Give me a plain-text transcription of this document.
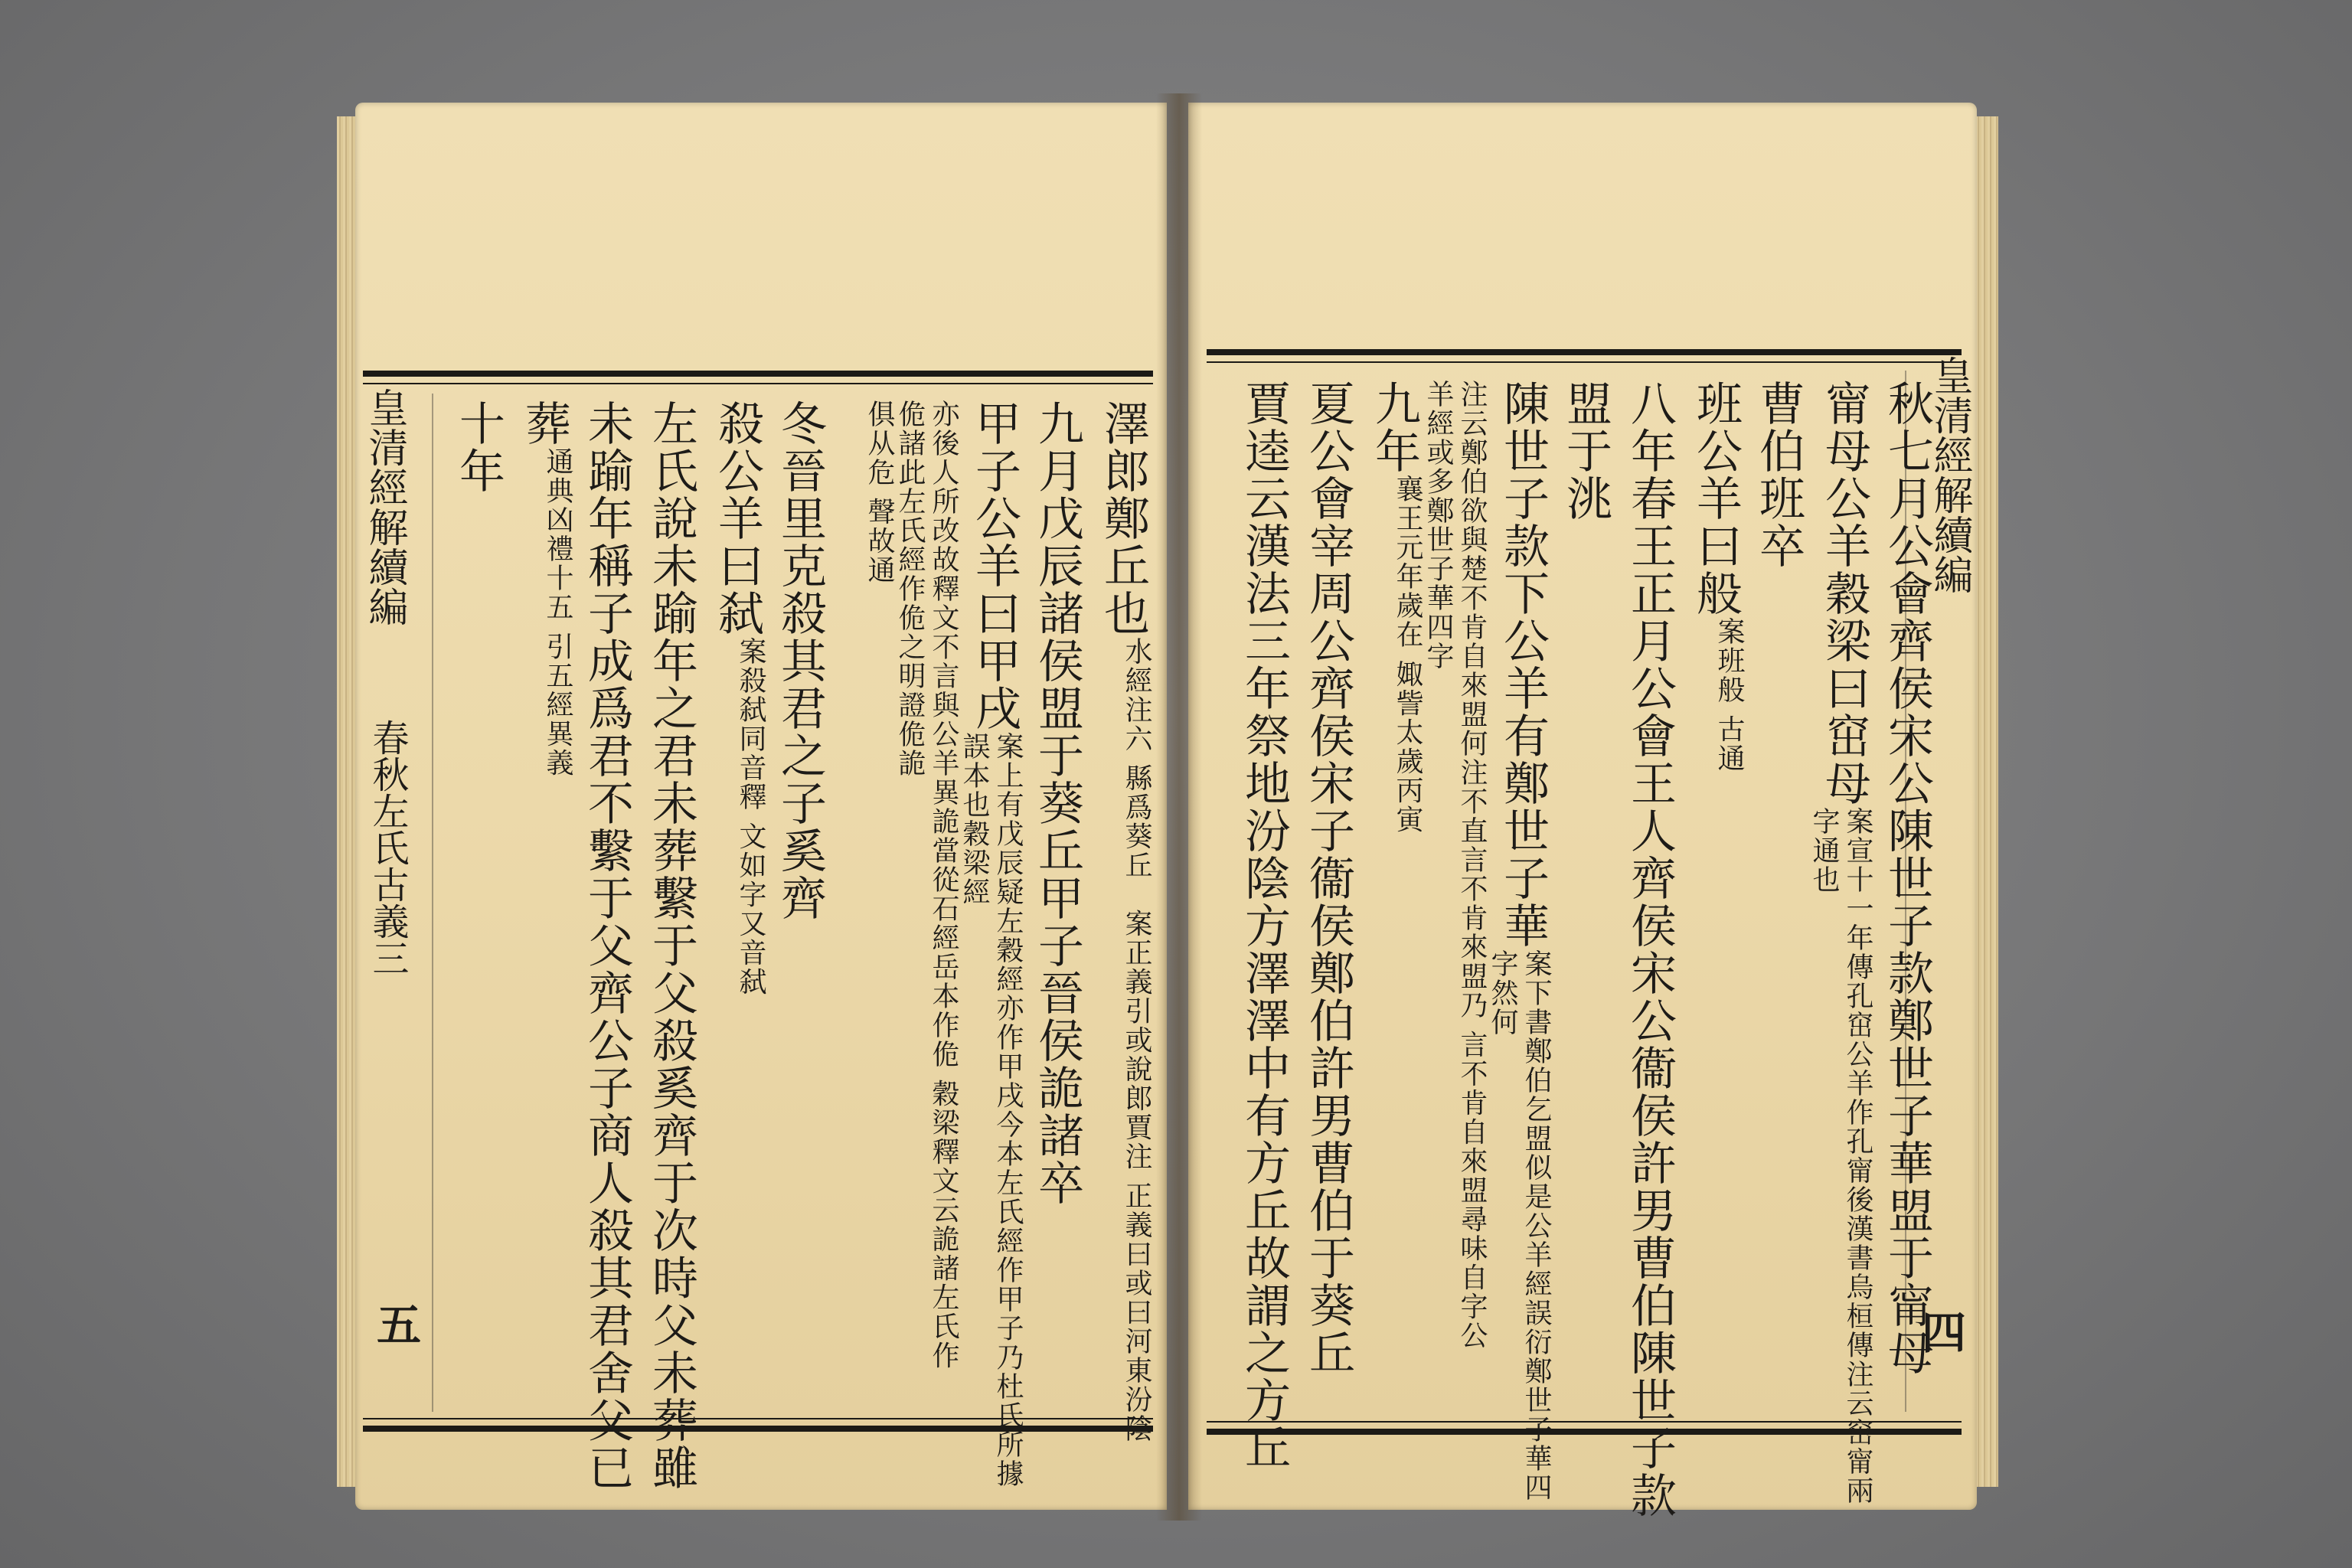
皇清經解續編
春秋左氏古義三
五
澤郎鄭丘也
水經注六 縣爲葵丘　案正義引或說郎賈注 正義曰或曰河東汾陰
九月戊辰諸侯盟于葵丘甲子晉侯詭諸卒
甲子公羊曰甲戌
案上有戊辰疑左穀經亦作甲戌今本左氏經作甲子乃杜氏所據誤本也穀梁經
亦後人所改故釋文不言與公羊異詭當從石經岳本作佹 穀梁釋文云詭諸左氏作佹諸此左氏經作佹之明證佹詭
俱从危 聲故通
冬晉里克殺其君之子奚齊
殺公羊曰弑
案殺弑同音釋 文如字又音弑
左氏說未踰年之君未葬繫于父殺奚齊于次時父未葬雖
未踰年稱子成爲君不繫于父齊公子商人殺其君舍父已
葬
通典凶禮十五 引五經異義
十年	皇清經解續編
四
秋七月公會齊侯宋公陳世子款鄭世子華盟于甯母
甯母公羊穀梁曰窋母
案宣十一年傳孔窋公羊作孔甯後漢書烏桓傳注云窋甯兩字通也
曹伯班卒
班公羊曰般
案班般 古通
八年春王正月公會王人齊侯宋公衞侯許男曹伯陳世子款
盟于洮
陳世子款下公羊有鄭世子華
案下書鄭伯乞盟似是公羊經誤衍鄭世子華四字然何
注云鄭伯欲與楚不肯自來盟何注不直言不肯來盟乃 言不肯自來盟尋味自字公羊經或多鄭世子華四字
九年
襄王元年歲在 娵訾太歲丙寅
夏公會宰周公齊侯宋子衞侯鄭伯許男曹伯于葵丘
賈逵云漢法三年祭地汾陰方澤澤中有方丘故謂之方丘
